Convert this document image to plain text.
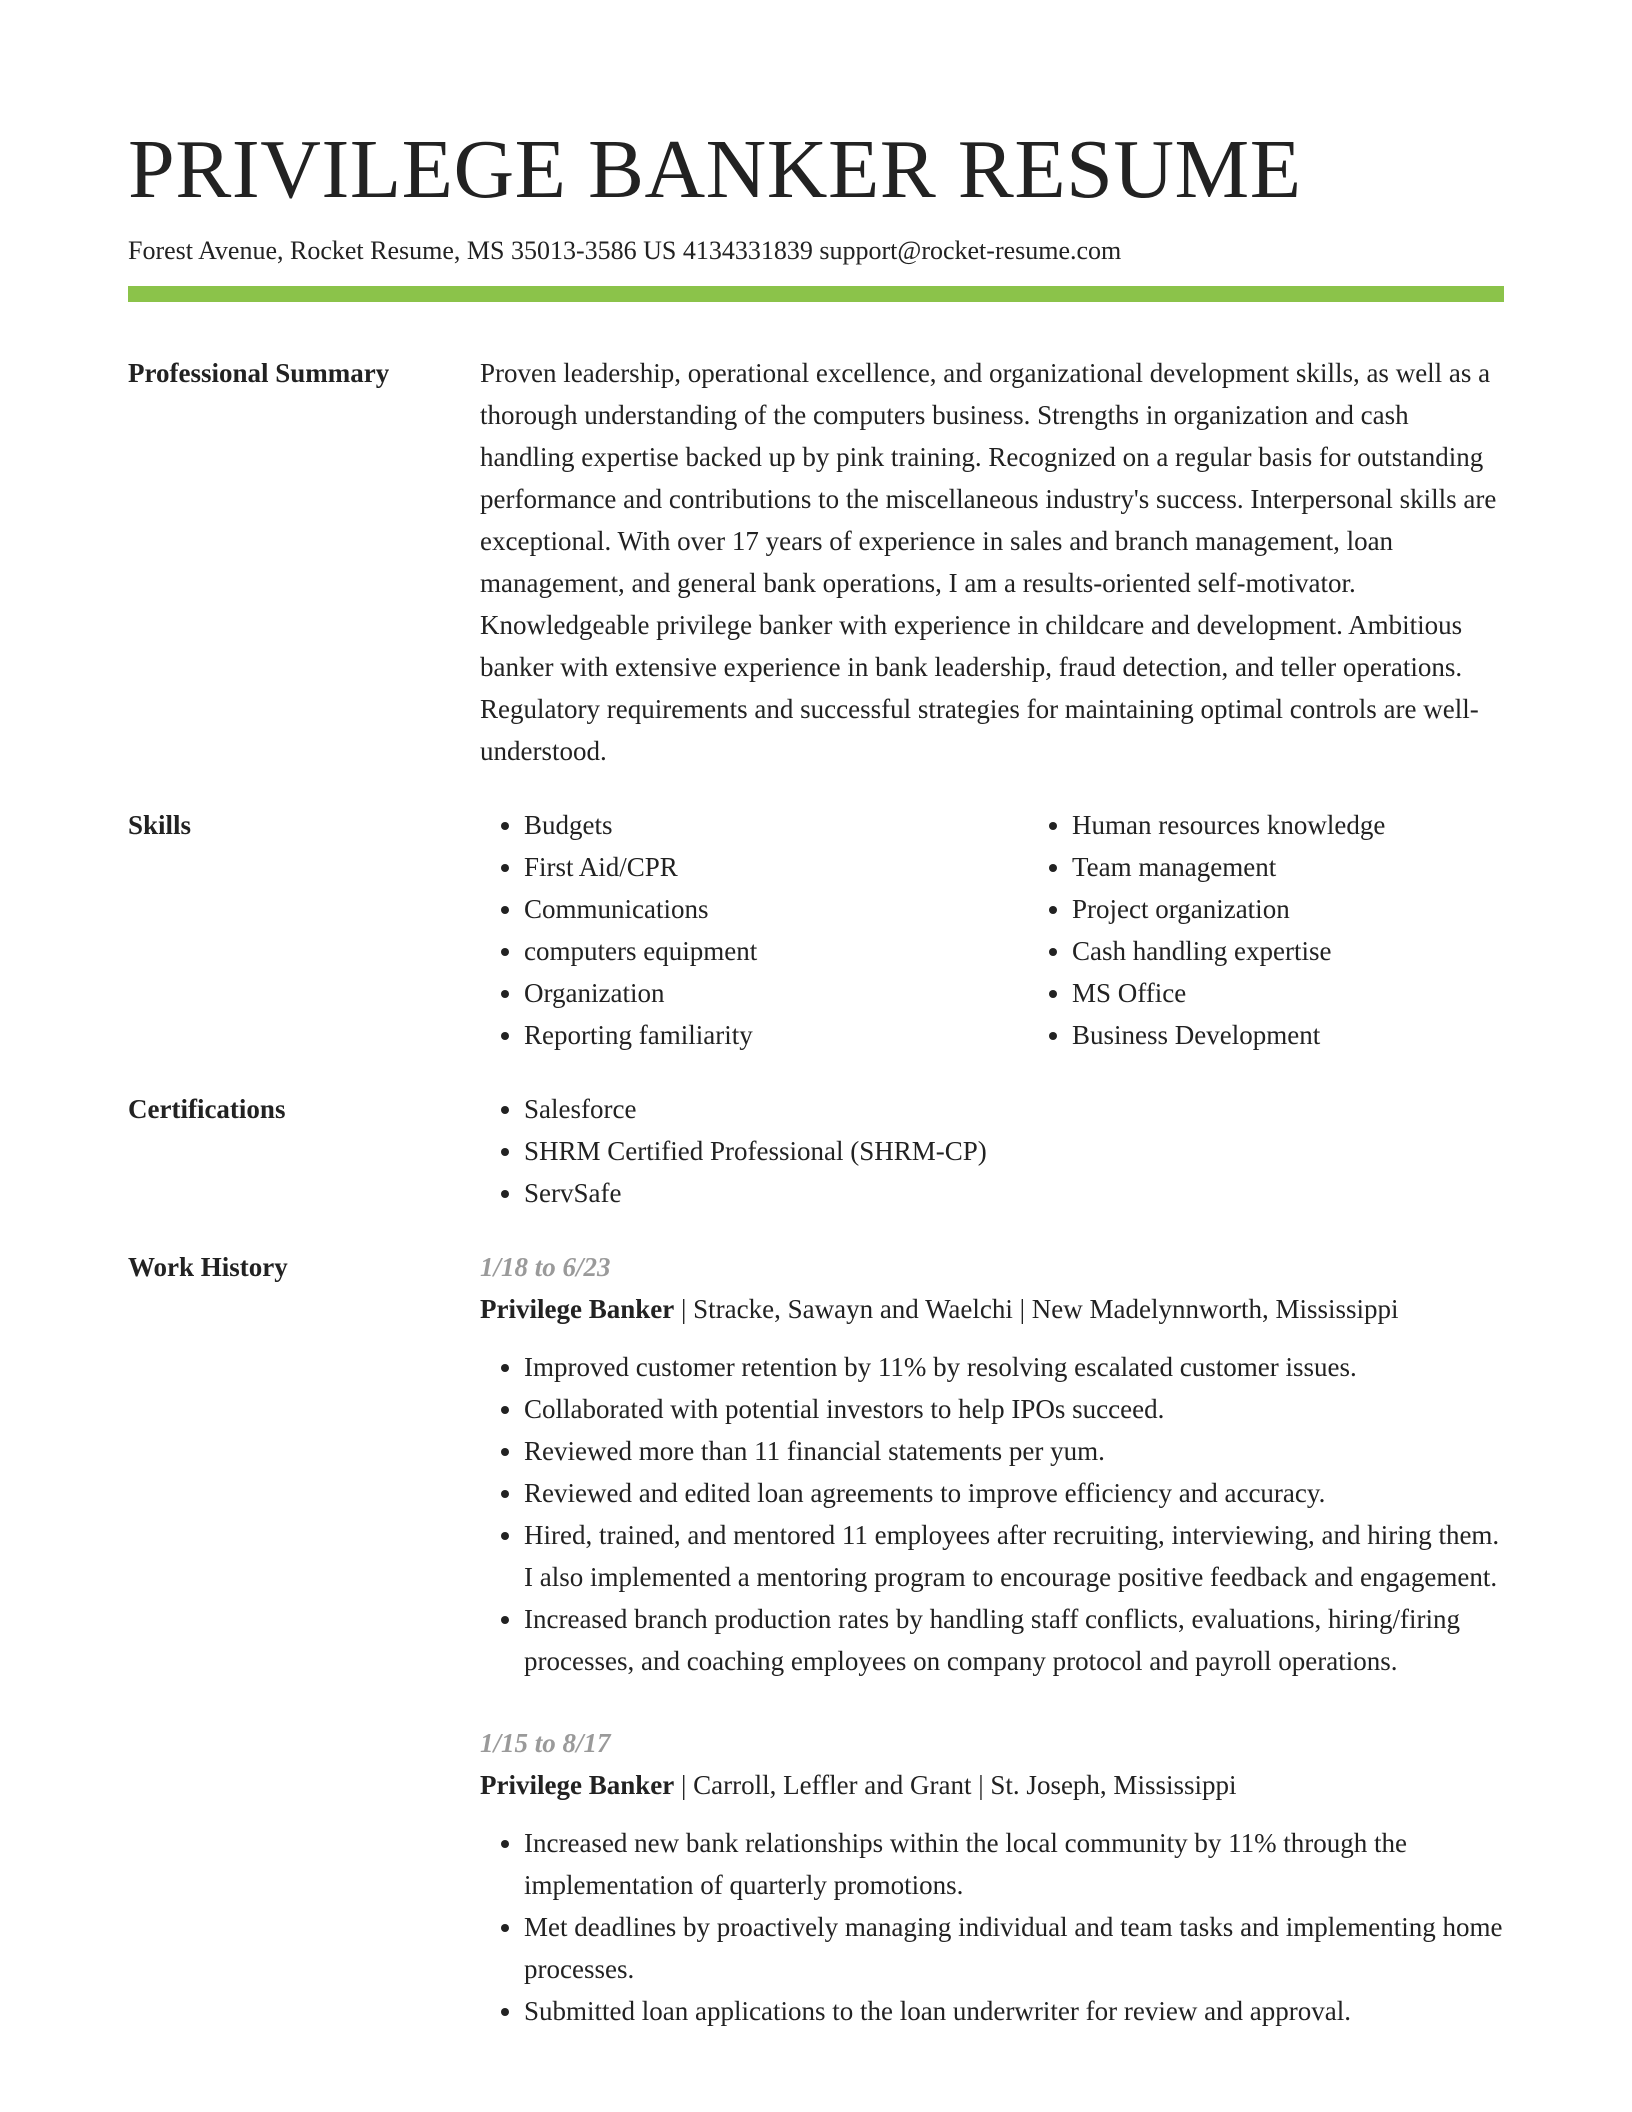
PRIVILEGE BANKER RESUME
Forest Avenue, Rocket Resume, MS 35013-3586 US 4134331839 support@rocket-resume.com
Professional Summary	Proven leadership, operational excellence, and organizational development skills, as well as a thorough understanding of the computers business. Strengths in organization and cash handling expertise backed up by pink training. Recognized on a regular basis for outstanding performance and contributions to the miscellaneous industry's success. Interpersonal skills are exceptional. With over 17 years of experience in sales and branch management, loan management, and general bank operations, I am a results-oriented self-motivator. Knowledgeable privilege banker with experience in childcare and development. Ambitious banker with extensive experience in bank leadership, fraud detection, and teller operations. Regulatory requirements and successful strategies for maintaining optimal controls are well-understood.

Skills	• Budgets
• First Aid/CPR
• Communications
• computers equipment
• Organization
• Reporting familiarity
• Human resources knowledge
• Team management
• Project organization
• Cash handling expertise
• MS Office
• Business Development
Certifications	• Salesforce
• SHRM Certified Professional (SHRM-CP)
• ServSafe
Work History	1/18 to 6/23
Privilege Banker | Stracke, Sawayn and Waelchi | New Madelynnworth, Mississippi
• Improved customer retention by 11% by resolving escalated customer issues.
• Collaborated with potential investors to help IPOs succeed.
• Reviewed more than 11 financial statements per yum.
• Reviewed and edited loan agreements to improve efficiency and accuracy.
• Hired, trained, and mentored 11 employees after recruiting, interviewing, and hiring them. I also implemented a mentoring program to encourage positive feedback and engagement.
• Increased branch production rates by handling staff conflicts, evaluations, hiring/firing processes, and coaching employees on company protocol and payroll operations.
1/15 to 8/17
Privilege Banker | Carroll, Leffler and Grant | St. Joseph, Mississippi
• Increased new bank relationships within the local community by 11% through the implementation of quarterly promotions.
• Met deadlines by proactively managing individual and team tasks and implementing home processes.
• Submitted loan applications to the loan underwriter for review and approval.
